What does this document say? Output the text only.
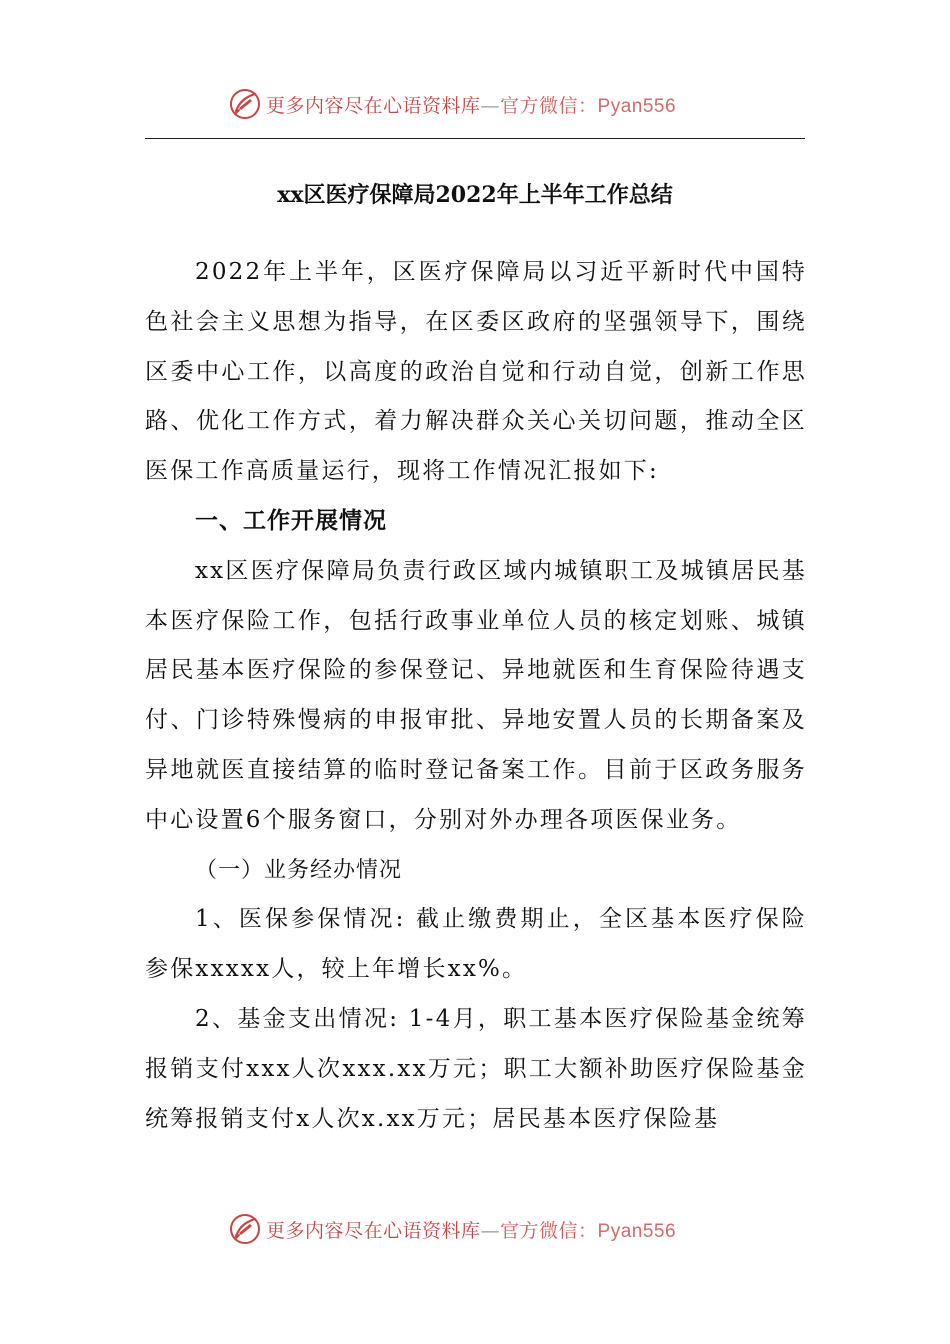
更多内容尽在心语资料库—官方微信：Pyan556
xx区医疗保障局2022年上半年工作总结

2022年上半年，区医疗保障局以习近平新时代中国特色社会主义思想为指导，在区委区政府的坚强领导下，围绕区委中心工作，以高度的政治自觉和行动自觉，创新工作思路、优化工作方式，着力解决群众关心关切问题，推动全区医保工作高质量运行，现将工作情况汇报如下:

一、工作开展情况

xx区医疗保障局负责行政区域内城镇职工及城镇居民基本医疗保险工作，包括行政事业单位人员的核定划账、城镇居民基本医疗保险的参保登记、异地就医和生育保险待遇支付、门诊特殊慢病的申报审批、异地安置人员的长期备案及异地就医直接结算的临时登记备案工作。目前于区政务服务中心设置6个服务窗口，分别对外办理各项医保业务。

（一）业务经办情况

1、医保参保情况: 截止缴费期止，全区基本医疗保险参保xxxxx人，较上年增长xx%。

2、基金支出情况: 1-4月，职工基本医疗保险基金统筹报销支付xxx人次xxx.xx万元；职工大额补助医疗保险基金统筹报销支付x人次x.xx万元；居民基本医疗保险基

更多内容尽在心语资料库—官方微信：Pyan556
